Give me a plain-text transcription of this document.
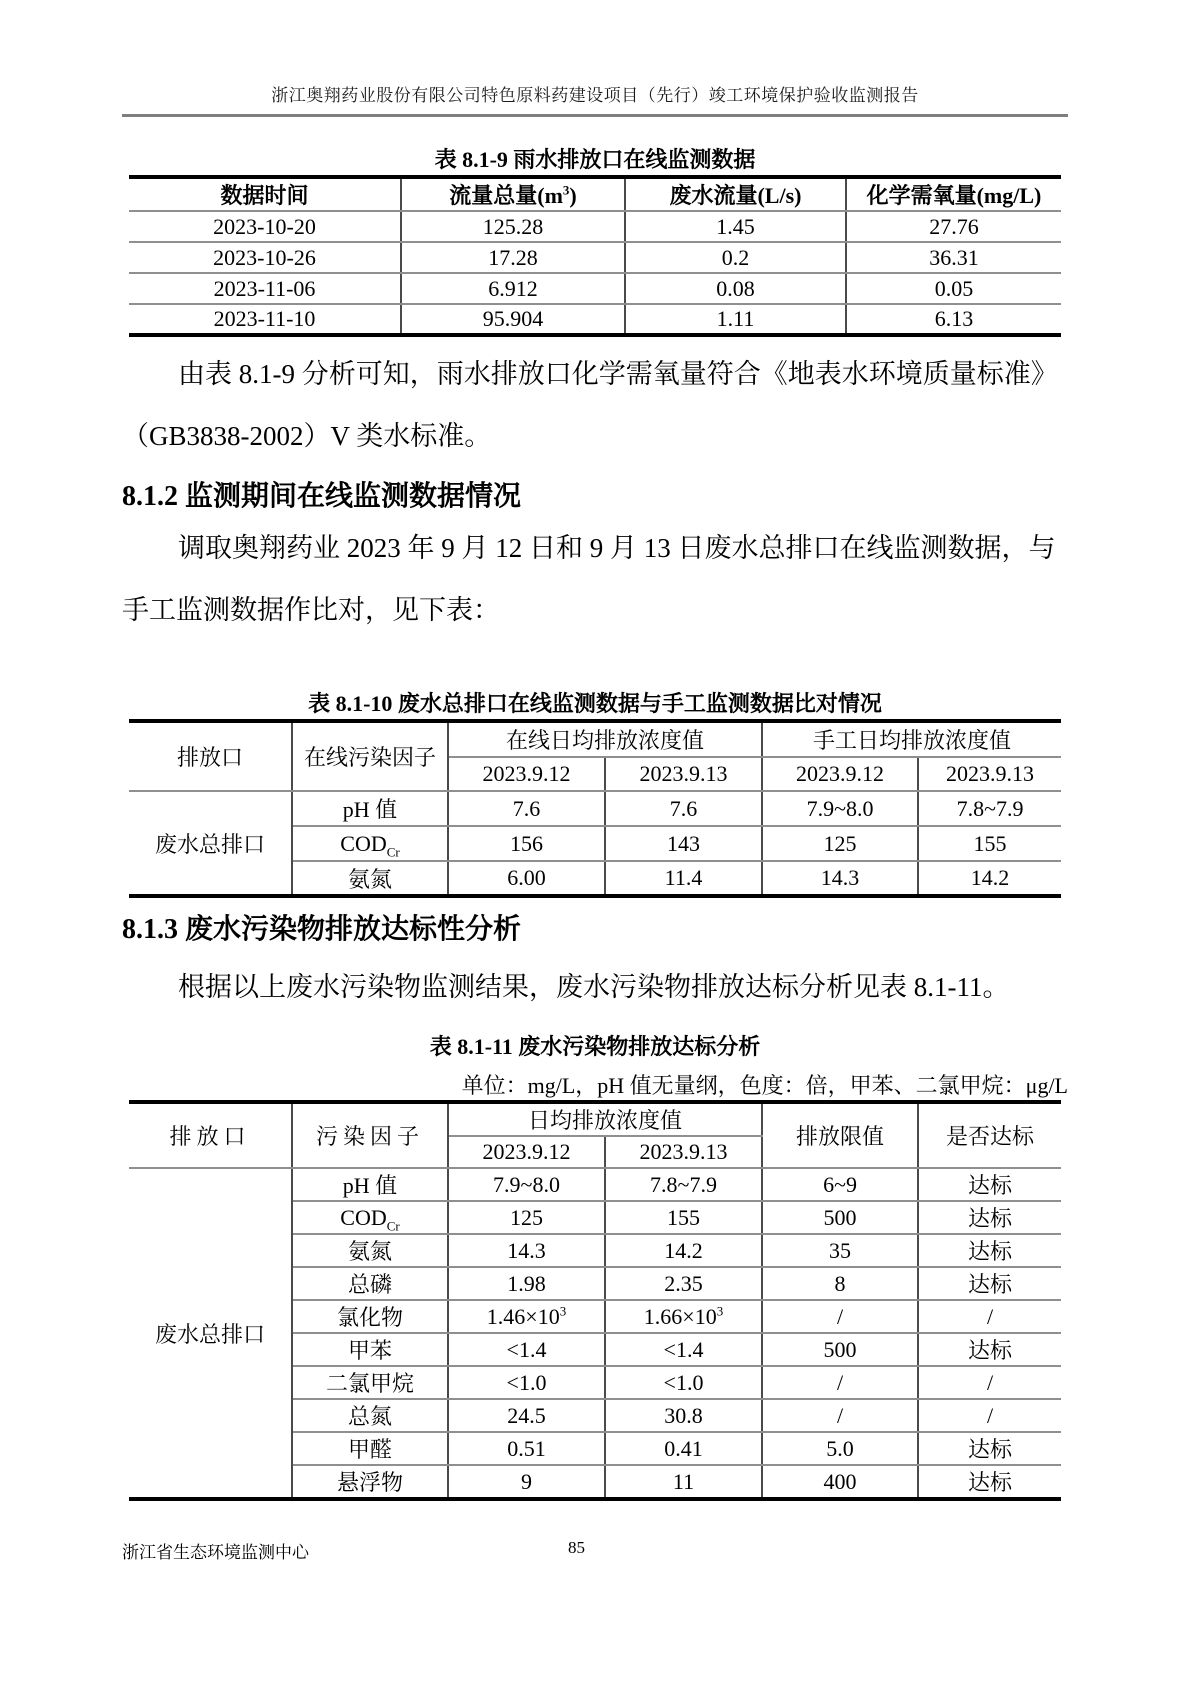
浙江奥翔药业股份有限公司特色原料药建设项目（先行）竣工环境保护验收监测报告
表 8.1-9 雨水排放口在线监测数据
数据时间	流量总量$(m^3)$	废水流量(L/s)	化学需氧量(mg/L)
2023-10-20	125.28	1.45	27.76
2023-10-26	17.28	0.2	36.31
2023-11-06	6.912	0.08	0.05
2023-11-10	95.904	1.11	6.13

由表 8.1-9 分析可知，雨水排放口化学需氧量符合《地表水环境质量标准》（GB3838-2002）V 类水标准。

8.1.2 监测期间在线监测数据情况

调取奥翔药业 2023 年 9 月 12 日和 9 月 13 日废水总排口在线监测数据，与手工监测数据作比对，见下表：

表 8.1-10 废水总排口在线监测数据与手工监测数据比对情况
排放口	在线污染因子	在线日均排放浓度值		手工日均排放浓度值	
		2023.9.12	2023.9.13	2023.9.12	2023.9.13
废水总排口	pH 值	7.6	7.6	7.9~8.0	7.8~7.9
	$COD_{Cr}$	156	143	125	155
	氨氮	6.00	11.4	14.3	14.2
8.1.3 废水污染物排放达标性分析

根据以上废水污染物监测结果，废水污染物排放达标分析见表 8.1-11。

表 8.1-11 废水污染物排放达标分析
单位：mg/L，pH 值无量纲，色度：倍，甲苯、二氯甲烷：μg/L
排放口	污染因子	日均排放浓度值		排放限值	是否达标
		2023.9.12	2023.9.13		
废水总排口	pH 值	7.9~8.0	7.8~7.9	6~9	达标
	$COD_{Cr}$	125	155	500	达标
	氨氮	14.3	14.2	35	达标
	总磷	1.98	2.35	8	达标
	氯化物	$1.46\times 10^3$	$1.66\times 10^3$	/	/
	甲苯	<1.4	<1.4	500	达标
	二氯甲烷	<1.0	<1.0	/	/
	总氮	24.5	30.8	/	/
	甲醛	0.51	0.41	5.0	达标
	悬浮物	9	11	400	达标
浙江省生态环境监测中心	85
